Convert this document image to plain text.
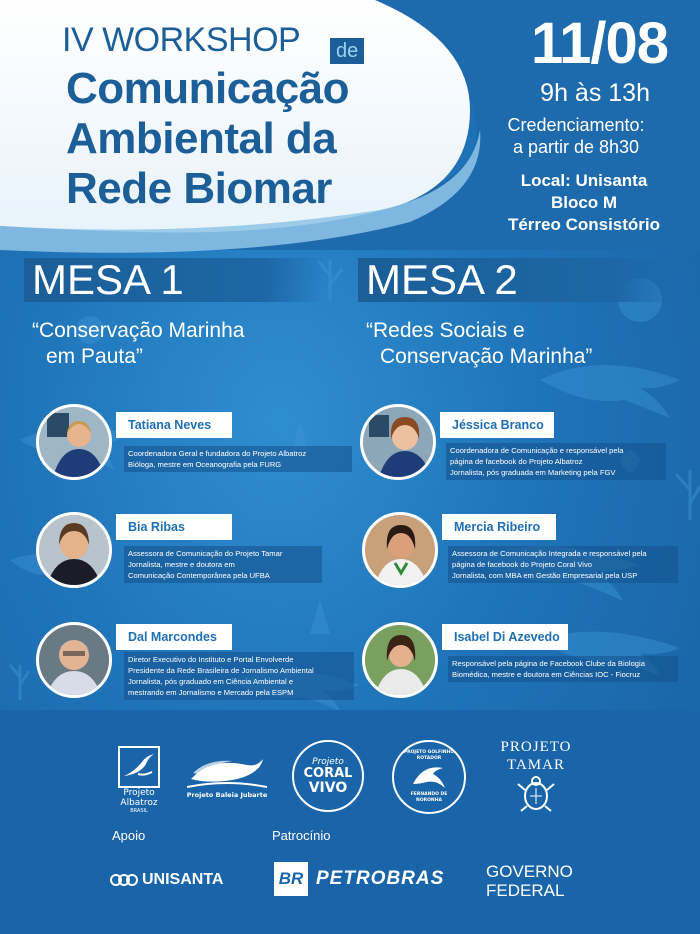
IV WORKSHOP	de
Comunicação
Ambiental da
Rede Biomar
11/08
9h às 13h
Credenciamento:
a partir de 8h30
Local: Unisanta
Bloco M
Térreo Consistório
MESA 1
“Conservação Marinha
em Pauta”
MESA 2
“Redes Sociais e
Conservação Marinha”
Tatiana Neves
Coordenadora Geral e fundadora do Projeto Albatroz
Bióloga, mestre em Oceanografia pela FURG
Bia Ribas
Assessora de Comunicação do Projeto Tamar
Jornalista, mestre e doutora em
Comunicação Contemporânea pela UFBA
Dal Marcondes
Diretor Executivo do Instituto e Portal Envolverde
Presidente da Rede Brasileira de Jornalismo Ambiental
Jornalista, pós graduado em Ciência Ambiental e
mestrando em Jornalismo e Mercado pela ESPM
Jéssica Branco
Coordenadora de Comunicação e responsável pela
página de facebook do Projeto Albatroz
Jornalista, pós graduada em Marketing pela FGV
Mercia Ribeiro
Assessora de Comunicação Integrada e responsável pela
página de facebook do Projeto Coral Vivo
Jornalista, com MBA em Gestão Empresarial pela USP
Isabel Di Azevedo
Responsável pela página de Facebook Clube da Biologia
Biomédica, mestre e doutora em Ciências IOC - Fiocruz
Projeto
Albatroz
BRASIL
Projeto Baleia Jubarte
Projeto
CORAL
VIVO
PROJETO GOLFINHO ROTADOR
FERNANDO DE NORONHA
PROJETO TAMAR
Apoio	Patrocínio
UNISANTA	BR PETROBRAS GOVERNO
FEDERAL
